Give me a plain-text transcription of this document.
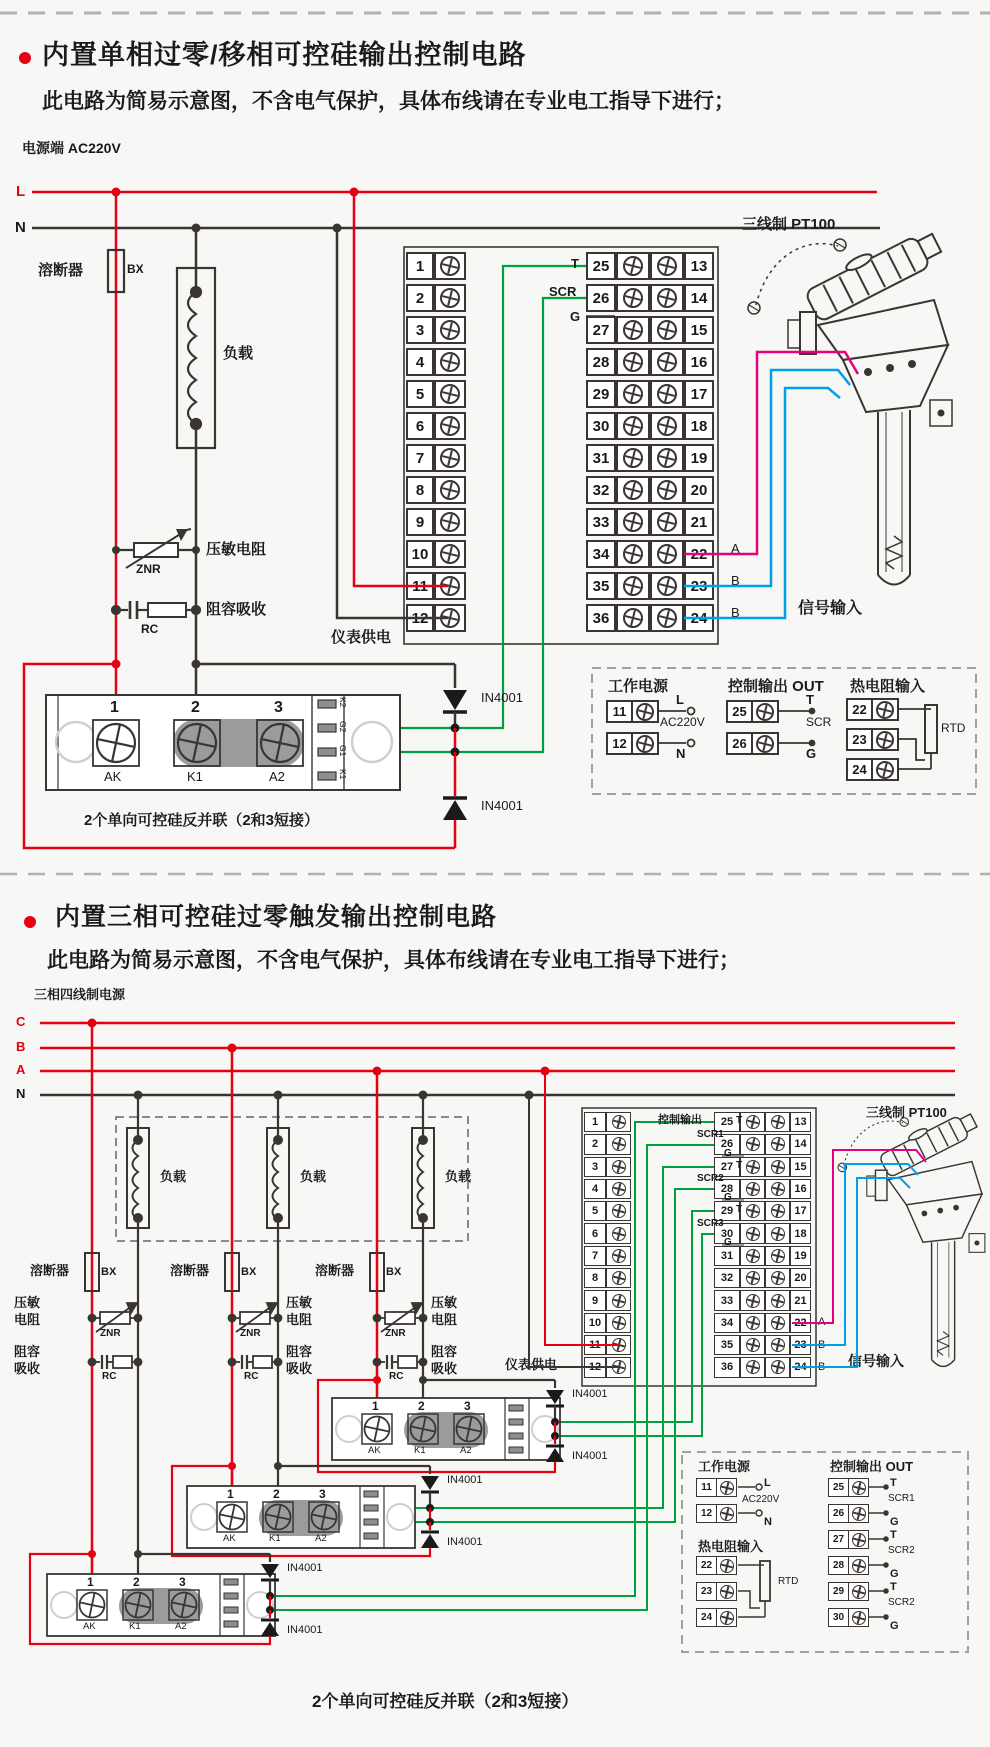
内置单相过零/移相可控硅输出控制电路
此电路为简易示意图，不含电气保护，具体布线请在专业电工指导下进行；
电源端 AC220V
L
N
溶断器	BX
负载
压敏电阻
ZNR
阻容吸收
RC	仪表供电
T
SCR
G
A
B
B	信号输入
三线制 PT100
IN4001
IN4001
1	2	3
AK	K1	A2
K2
G2
G1
K1
2个单向可控硅反并联（2和3短接）
工作电源	控制输出 OUT 热电阻输入
L
AC220V
N
T
SCR
G
RTD
内置三相可控硅过零触发输出控制电路
此电路为简易示意图，不含电气保护，具体布线请在专业电工指导下进行；
三相四线制电源
C
B
A
N
负载	负载	负载
溶断器	BX	溶断器	BX	溶断器	BX
压敏
电阻
阻容
吸收
压敏
电阻
阻容
吸收
压敏
电阻
阻容
吸收
ZNR	ZNR	ZNR
RC	RC	RC
仪表供电
控制输出	T
SCR1
G
T
SCR2
G
T
SCR3
G
A
B
B 信号输入
三线制 PT100
1	2	3
AK	K1	A2
1	2	3
AK	K1	A2
1	2	3
AK	K1	A2
IN4001
IN4001
IN4001
IN4001
IN4001
IN4001
2个单向可控硅反并联（2和3短接）
工作电源	控制输出 OUT
热电阻输入
L
AC220V
N
RTD
T
SCR1
G
T
SCR2
G
T
SCR2
G
1
2
3
4
5
6
7
8
9
10
11
12
25	13
26	14
27	15
28	16
29	17
30	18
31	19
32	20
33	21
34	22
35	23
36	24
1
2
3
4
5
6
7
8
9
10
11
12
25	13
26	14
27	15
28	16
29	17
30	18
31	19
32	20
33	21
34	22
35	23
36	24
11
12
25
26
22
23
24
11
12
22
23
24
25
26
27
28
29
30
